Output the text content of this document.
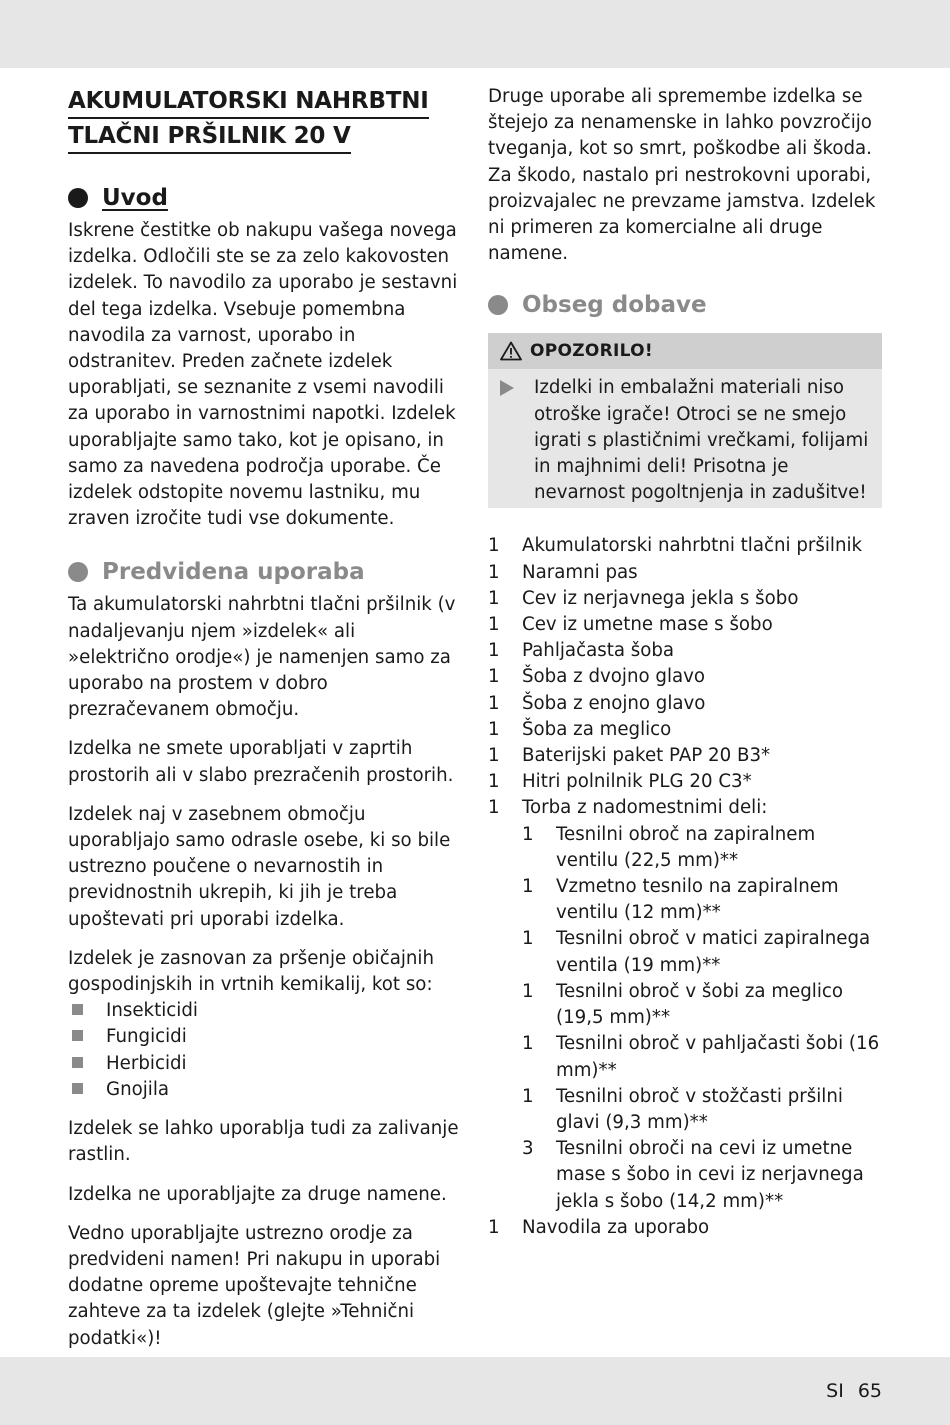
AKUMULATORSKI NAHRBTNI
TLAČNI PRŠILNIK 20 V
Uvod

Iskrene čestitke ob nakupu vašega novega izdelka. Odločili ste se za zelo kakovosten izdelek. To navodilo za uporabo je sestavni del tega izdelka. Vsebuje pomembna navodila za varnost, uporabo in odstranitev. Preden začnete izdelek uporabljati, se seznanite z vsemi navodili za uporabo in varnostnimi napotki. Izdelek uporabljajte samo tako, kot je opisano, in samo za navedena področja uporabe. Če izdelek odstopite novemu lastniku, mu zraven izročite tudi vse dokumente.

Predvidena uporaba

Ta akumulatorski nahrbtni tlačni pršilnik (v nadaljevanju njem »izdelek« ali »električno orodje«) je namenjen samo za uporabo na prostem v dobro prezračevanem območju.

Izdelka ne smete uporabljati v zaprtih prostorih ali v slabo prezračenih prostorih.

Izdelek naj v zasebnem območju uporabljajo samo odrasle osebe, ki so bile ustrezno poučene o nevarnostih in previdnostnih ukrepih, ki jih je treba upoštevati pri uporabi izdelka.

Izdelek je zasnovan za pršenje običajnih gospodinjskih in vrtnih kemikalij, kot so:

Insekticidi
Fungicidi
Herbicidi
Gnojila

Izdelek se lahko uporablja tudi za zalivanje rastlin.

Izdelka ne uporabljajte za druge namene.

Vedno uporabljajte ustrezno orodje za predvideni namen! Pri nakupu in uporabi dodatne opreme upoštevajte tehnične zahteve za ta izdelek (glejte »Tehnični podatki«)!

Druge uporabe ali spremembe izdelka se štejejo za nenamenske in lahko povzročijo tveganja, kot so smrt, poškodbe ali škoda. Za škodo, nastalo pri nestrokovni uporabi, proizvajalec ne prevzame jamstva. Izdelek ni primeren za komercialne ali druge namene.

Obseg dobave
OPOZORILO!
Izdelki in embalažni materiali niso otroške igrače! Otroci se ne smejo igrati s plastičnimi vrečkami, folijami in majhnimi deli! Prisotna je nevarnost pogoltnjenja in zadušitve!
1	Akumulatorski nahrbtni tlačni pršilnik
1	Naramni pas
1	Cev iz nerjavnega jekla s šobo
1	Cev iz umetne mase s šobo
1	Pahljačasta šoba
1	Šoba z dvojno glavo
1	Šoba z enojno glavo
1	Šoba za meglico
1	Baterijski paket PAP 20 B3*
1	Hitri polnilnik PLG 20 C3*
1	Torba z nadomestnimi deli:
1	Tesnilni obroč na zapiralnem ventilu (22,5 mm)**
1	Vzmetno tesnilo na zapiralnem ventilu (12 mm)**
1	Tesnilni obroč v matici zapiralnega ventila (19 mm)**
1	Tesnilni obroč v šobi za meglico (19,5 mm)**
1	Tesnilni obroč v pahljačasti šobi (16 mm)**
1	Tesnilni obroč v stožčasti pršilni glavi (9,3 mm)**
3	Tesnilni obroči na cevi iz umetne mase s šobo in cevi iz nerjavnega jekla s šobo (14,2 mm)**
1	Navodila za uporabo
SI 65
